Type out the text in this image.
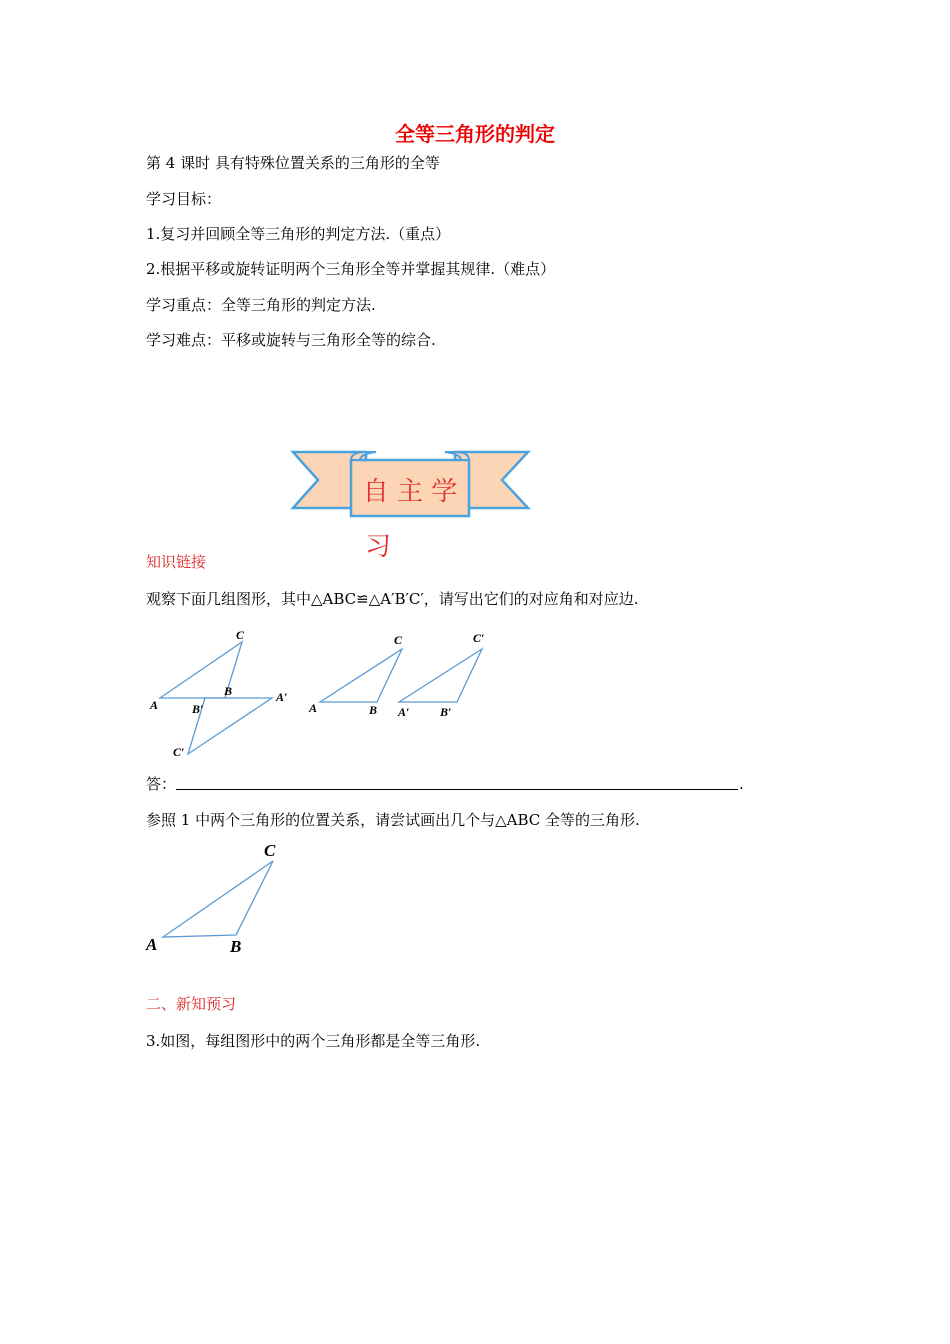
全等三角形的判定
第 4 课时 具有特殊位置关系的三角形的全等
学习目标：
1.复习并回顾全等三角形的判定方法.（重点）
2.根据平移或旋转证明两个三角形全等并掌握其规律.（难点）
学习重点：全等三角形的判定方法.
学习难点：平移或旋转与三角形全等的综合.
自 主 学
习
知识链接
观察下面几组图形，其中△ABC≌△A′B′C′，请写出它们的对应角和对应边.
A
C
B	A′
B′
C′
A
C
B A′	B′
C′
答：	.
参照 1 中两个三角形的位置关系，请尝试画出几个与△ABC 全等的三角形.
A
C
B
二、新知预习
3.如图，每组图形中的两个三角形都是全等三角形.
